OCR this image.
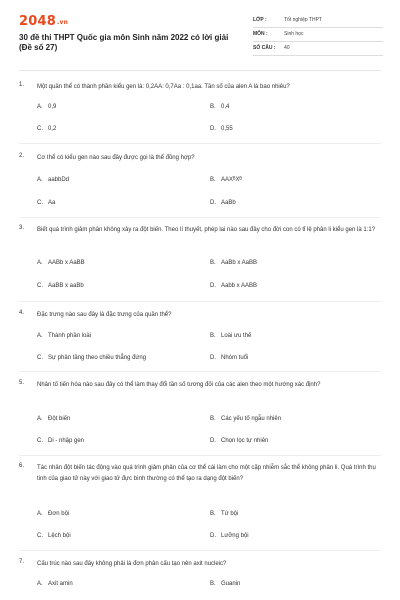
2048.vn
30 đề thi THPT Quốc gia môn Sinh năm 2022 có lời giải (Đề số 27)
LỚP :	Tốt nghiệp THPT
MÔN :	Sinh học
SỐ CÂU : 40
1. Một quần thể có thành phần kiểu gen là: 0,2AA: 0,7Aa : 0,1aa. Tần số của alen A là bao nhiêu?
A. 0,9	B. 0,4
C. 0,2	D. 0,55
2. Cơ thể có kiểu gen nào sau đây được gọi là thể đồng hợp?
A. aabbDd	B. AAXᴮXᴮ
C. Aa	D. AaBb
3. Biết quá trình giảm phân không xảy ra đột biến. Theo lí thuyết, phép lai nào sau đây cho đời con có tỉ lệ phân li kiểu gen là 1:1?
A. AABb x AaBB	B. AaBb x AaBB
C. AaBB x aaBb	D. Aabb x AABB
4. Đặc trưng nào sau đây là đặc trưng của quần thể?
A. Thành phần loài	B. Loài ưu thế
C. Sự phân tầng theo chiều thẳng đứng	D. Nhóm tuổi
5. Nhân tố tiến hóa nào sau đây có thể làm thay đổi tần số tương đối của các alen theo một hướng xác định?
A. Đột biến	B. Các yếu tố ngẫu nhiên
C. Di - nhập gen	D. Chọn lọc tự nhiên
6. Tác nhân đột biến tác động vào quá trình giảm phân của cơ thể cái làm cho một cặp nhiễm sắc thể không phân li. Quá trình thụ tinh của giao tử này với giao tử đực bình thường có thể tạo ra dạng đột biến?
A. Đơn bội	B. Tứ bội
C. Lệch bội	D. Lưỡng bội
7. Cấu trúc nào sau đây không phải là đơn phân cấu tạo nên axit nucleic?
A. Axit amin	B. Guanin
